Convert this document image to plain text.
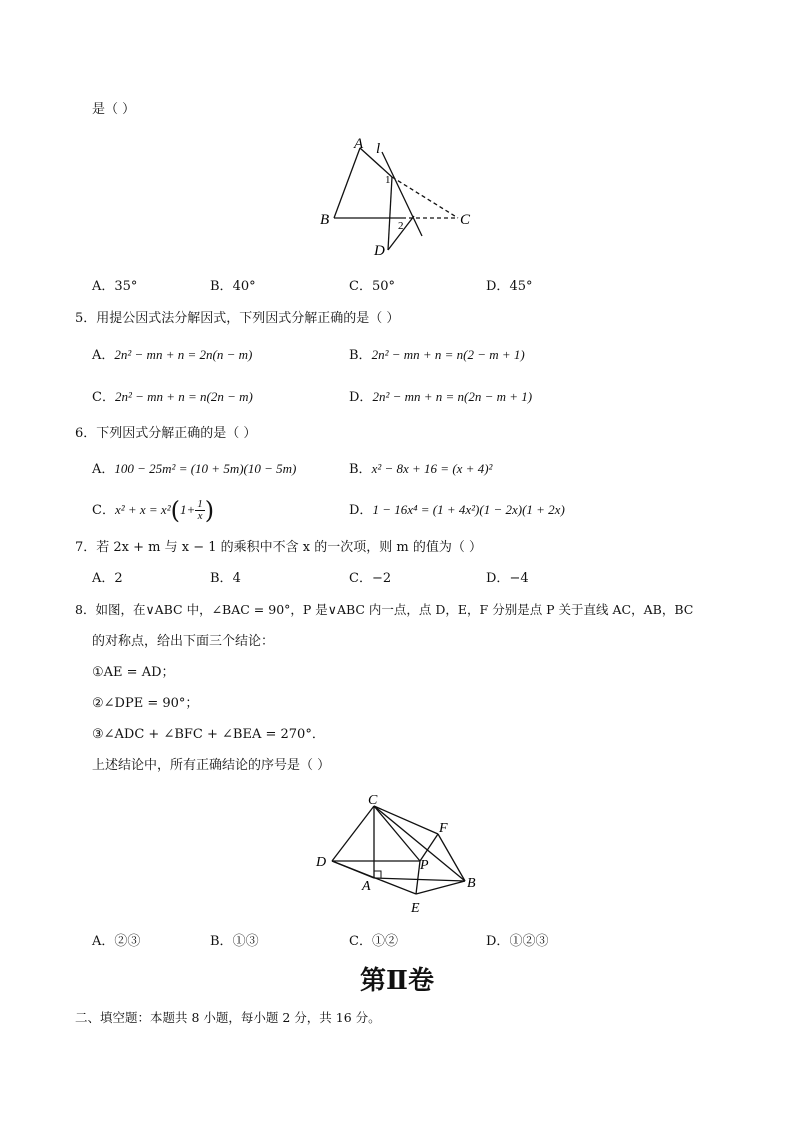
是（ ）
A l
1
B	C
2
D
A．35°	B．40°	C．50°	D．45°
5．用提公因式法分解因式，下列因式分解正确的是（ ）
A．2n² − mn + n = 2n(n − m)	B．2n² − mn + n = n(2 − m + 1)
C．2n² − mn + n = n(2n − m)	D．2n² − mn + n = n(2n − m + 1)
6．下列因式分解正确的是（ ）
A．100 − 25m² = (10 + 5m)(10 − 5m)	B．x² − 8x + 16 = (x + 4)²
C．$x^2 + x = x^2(1+ \frac{1}{x}$ )	D．1 − 16x⁴ = (1 + 4x²)(1 − 2x)(1 + 2x)
7．若 2x + m 与 x − 1 的乘积中不含 x 的一次项，则 m 的值为（ ）
A．2	B．4	C．−2	D．−4
8．如图，在∨ABC 中，∠BAC = 90°，P 是∨ABC 内一点，点 D，E，F 分别是点 P 关于直线 AC，AB，BC
的对称点，给出下面三个结论：
①AE = AD；
②∠DPE = 90°；
③∠ADC + ∠BFC + ∠BEA = 270°．
上述结论中，所有正确结论的序号是（ ）
C
F
D	P
A	B
E
A．②③	B．①③	C．①②	D．①②③
第Ⅱ卷
二、填空题：本题共 8 小题，每小题 2 分，共 16 分。
